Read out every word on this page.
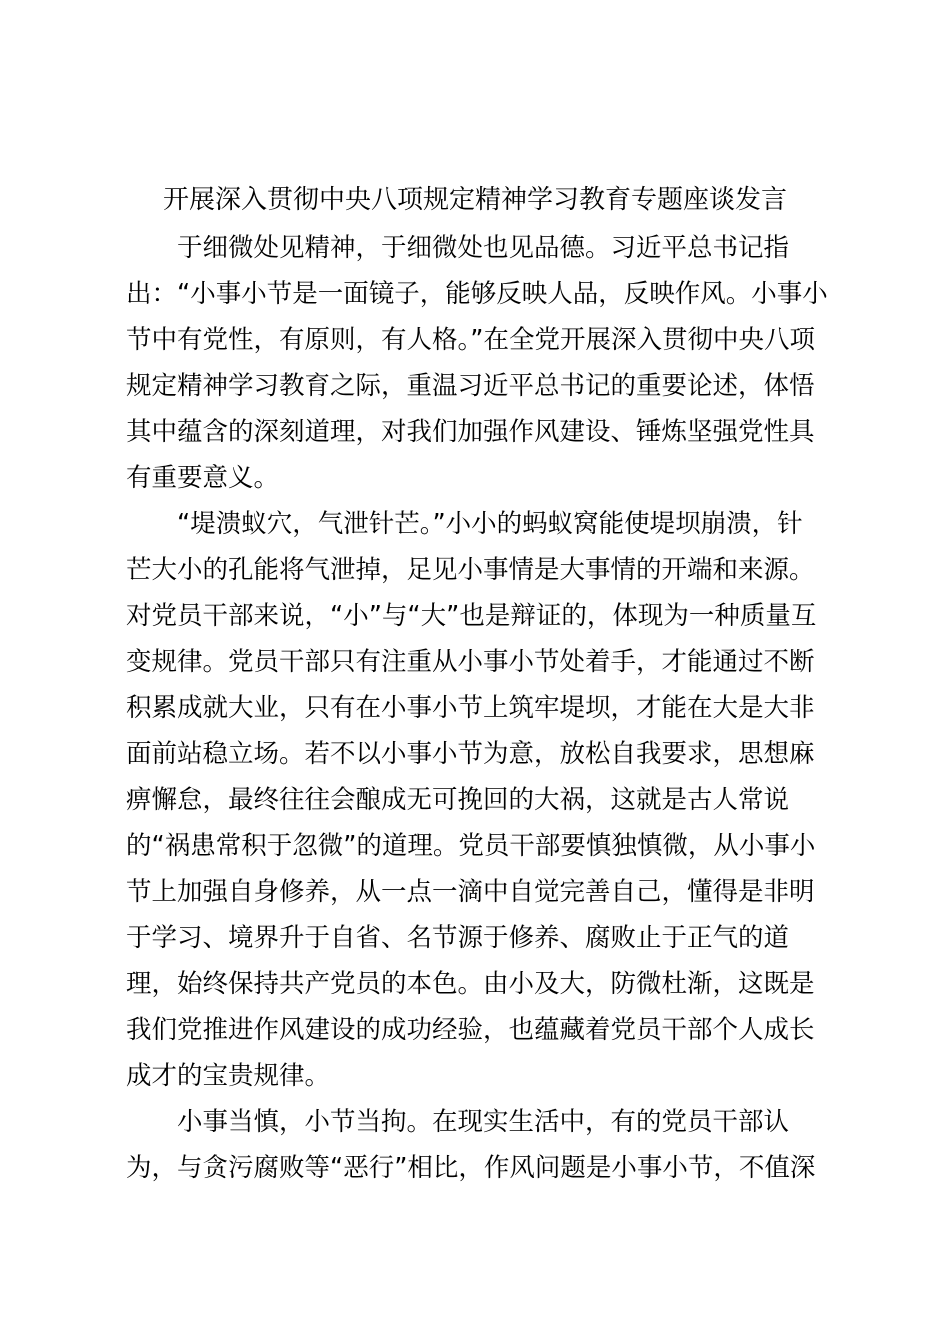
开展深入贯彻中央八项规定精神学习教育专题座谈发言
于细微处见精神，于细微处也见品德。习近平总书记指
出：“小事小节是一面镜子，能够反映人品，反映作风。小事小
节中有党性，有原则，有人格。”在全党开展深入贯彻中央八项
规定精神学习教育之际，重温习近平总书记的重要论述，体悟
其中蕴含的深刻道理，对我们加强作风建设、锤炼坚强党性具
有重要意义。
“堤溃蚁穴，气泄针芒。”小小的蚂蚁窝能使堤坝崩溃，针
芒大小的孔能将气泄掉，足见小事情是大事情的开端和来源。
对党员干部来说，“小”与“大”也是辩证的，体现为一种质量互
变规律。党员干部只有注重从小事小节处着手，才能通过不断
积累成就大业，只有在小事小节上筑牢堤坝，才能在大是大非
面前站稳立场。若不以小事小节为意，放松自我要求，思想麻
痹懈怠，最终往往会酿成无可挽回的大祸，这就是古人常说
的“祸患常积于忽微”的道理。党员干部要慎独慎微，从小事小
节上加强自身修养，从一点一滴中自觉完善自己，懂得是非明
于学习、境界升于自省、名节源于修养、腐败止于正气的道
理，始终保持共产党员的本色。由小及大，防微杜渐，这既是
我们党推进作风建设的成功经验，也蕴藏着党员干部个人成长
成才的宝贵规律。
小事当慎，小节当拘。在现实生活中，有的党员干部认
为，与贪污腐败等“恶行”相比，作风问题是小事小节，不值深
